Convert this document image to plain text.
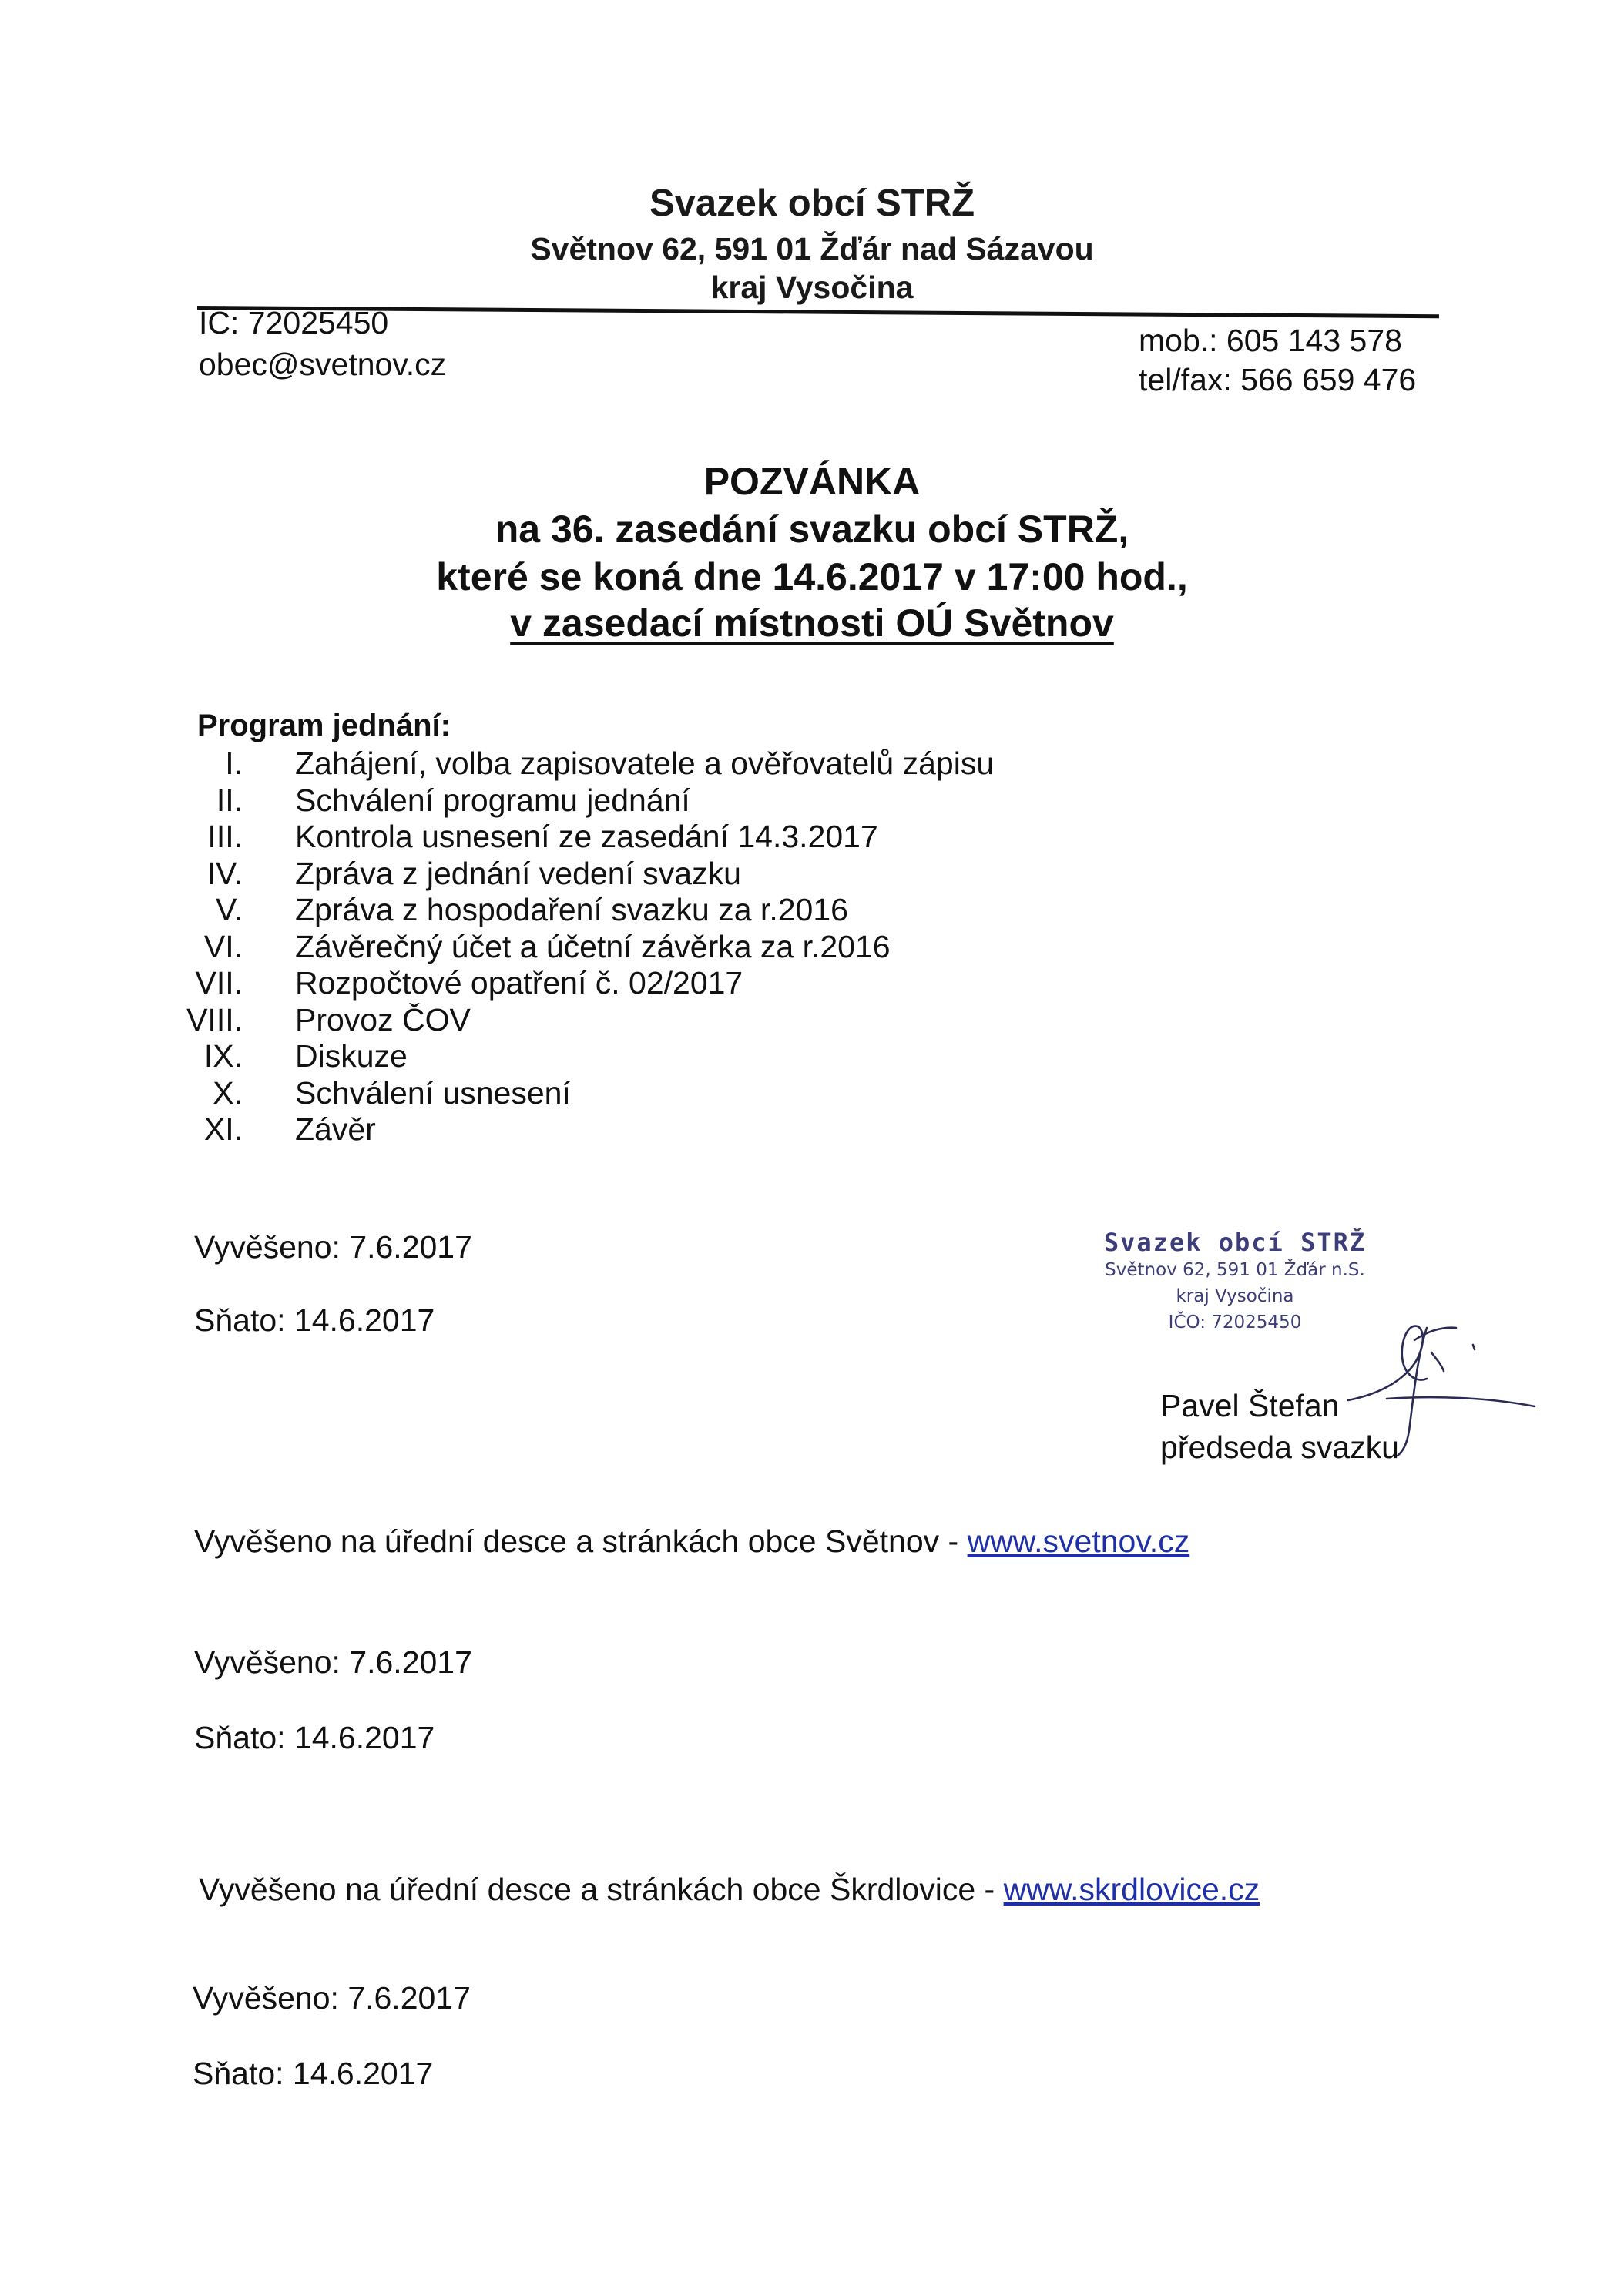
Svazek obcí STRŽ
Světnov 62, 591 01 Žďár nad Sázavou
kraj Vysočina
IČ: 72025450
obec@svetnov.cz
mob.: 605 143 578
tel/fax: 566 659 476
POZVÁNKA
na 36. zasedání svazku obcí STRŽ,
které se koná dne 14.6.2017 v 17:00 hod.,
v zasedací místnosti OÚ Světnov
Program jednání:
I. Zahájení, volba zapisovatele a ověřovatelů zápisu
II. Schválení programu jednání
III. Kontrola usnesení ze zasedání 14.3.2017
IV. Zpráva z jednání vedení svazku
V. Zpráva z hospodaření svazku za r.2016
VI. Závěrečný účet a účetní závěrka za r.2016
VII. Rozpočtové opatření č. 02/2017
VIII. Provoz ČOV
IX. Diskuze
X. Schválení usnesení
XI. Závěr
Vyvěšeno: 7.6.2017
Sňato: 14.6.2017
Svazek obcí STRŽ
Světnov 62, 591 01 Žďár n.S.
kraj Vysočina
IČO: 72025450
Pavel Štefan
předseda svazku
Vyvěšeno na úřední desce a stránkách obce Světnov - www.svetnov.cz
Vyvěšeno: 7.6.2017
Sňato: 14.6.2017
Vyvěšeno na úřední desce a stránkách obce Škrdlovice - www.skrdlovice.cz
Vyvěšeno: 7.6.2017
Sňato: 14.6.2017
